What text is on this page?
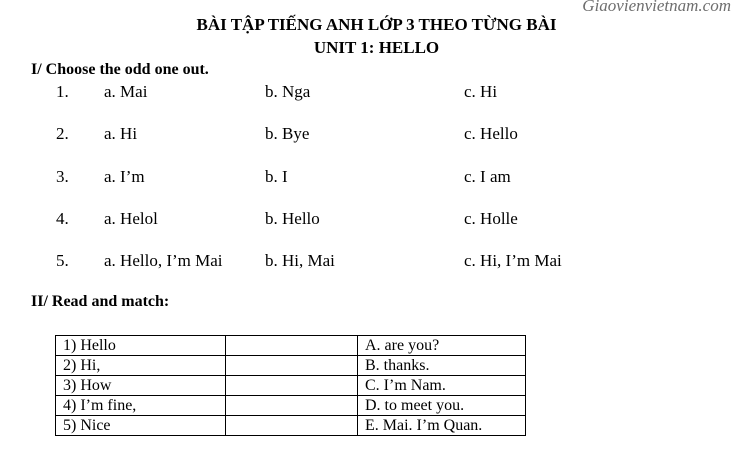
Giaovienvietnam.com
BÀI TẬP TIẾNG ANH LỚP 3 THEO TỪNG BÀI
UNIT 1: HELLO
I/ Choose the odd one out.
1. a. Mai	b. Nga	c. Hi
2. a. Hi	b. Bye	c. Hello
3. a. I’m	b. I	c. I am
4. a. Helol	b. Hello	c. Holle
5. a. Hello, I’m Mai	b. Hi, Mai	c. Hi, I’m Mai
II/ Read and match:
1) Hello		A. are you?
2) Hi,		B. thanks.
3) How		C. I’m Nam.
4) I’m fine,		D. to meet you.
5) Nice		E. Mai. I’m Quan.
